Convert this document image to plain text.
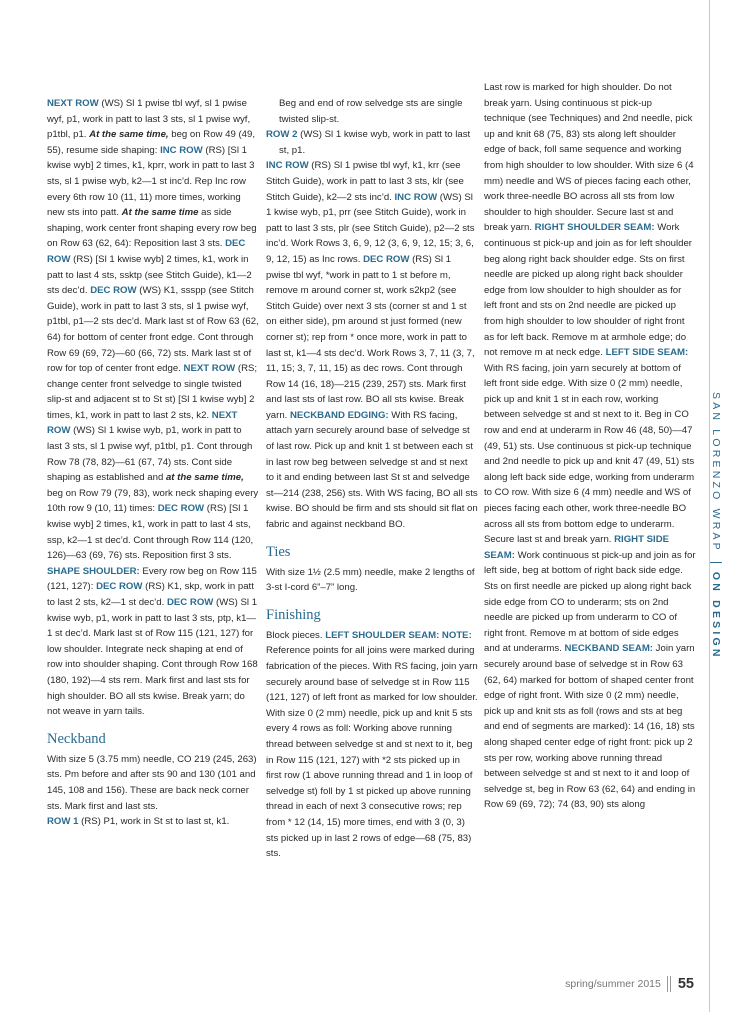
NEXT ROW (WS) Sl 1 pwise tbl wyf, sl 1 pwise wyf, p1, work in patt to last 3 sts, sl 1 pwise wyf, p1tbl, p1. At the same time, beg on Row 49 (49, 55), resume side shaping: INC ROW (RS) [Sl 1 kwise wyb] 2 times, k1, kprr, work in patt to last 3 sts, sl 1 pwise wyb, k2—1 st inc’d. Rep Inc row every 6th row 10 (11, 11) more times, working new sts into patt. At the same time as side shaping, work center front shaping every row beg on Row 63 (62, 64): Reposition last 3 sts. DEC ROW (RS) [Sl 1 kwise wyb] 2 times, k1, work in patt to last 4 sts, ssktp (see Stitch Guide), k1—2 sts dec’d. DEC ROW (WS) K1, ssspp (see Stitch Guide), work in patt to last 3 sts, sl 1 pwise wyf, p1tbl, p1—2 sts dec’d. Mark last st of Row 63 (62, 64) for bottom of center front edge. Cont through Row 69 (69, 72)—60 (66, 72) sts. Mark last st of row for top of center front edge. NEXT ROW (RS; change center front selvedge to single twisted slip-st and adjacent st to St st) [Sl 1 kwise wyb] 2 times, k1, work in patt to last 2 sts, k2. NEXT ROW (WS) Sl 1 kwise wyb, p1, work in patt to last 3 sts, sl 1 pwise wyf, p1tbl, p1. Cont through Row 78 (78, 82)—61 (67, 74) sts. Cont side shaping as established and at the same time, beg on Row 79 (79, 83), work neck shaping every 10th row 9 (10, 11) times: DEC ROW (RS) [Sl 1 kwise wyb] 2 times, k1, work in patt to last 4 sts, ssp, k2—1 st dec’d. Cont through Row 114 (120, 126)—63 (69, 76) sts. Reposition first 3 sts. SHAPE SHOULDER: Every row beg on Row 115 (121, 127): DEC ROW (RS) K1, skp, work in patt to last 2 sts, k2—1 st dec’d. DEC ROW (WS) Sl 1 kwise wyb, p1, work in patt to last 3 sts, ptp, k1—1 st dec’d. Mark last st of Row 115 (121, 127) for low shoulder. Integrate neck shaping at end of row into shoulder shaping. Cont through Row 168 (180, 192)—4 sts rem. Mark first and last sts for high shoulder. BO all sts kwise. Break yarn; do not weave in yarn tails.

Neckband

With size 5 (3.75 mm) needle, CO 219 (245, 263) sts. Pm before and after sts 90 and 130 (101 and 145, 108 and 156). These are back neck corner sts. Mark first and last sts.

ROW 1 (RS) P1, work in St st to last st, k1.

Beg and end of row selvedge sts are single twisted slip-st.

ROW 2 (WS) Sl 1 kwise wyb, work in patt to last st, p1.

INC ROW (RS) Sl 1 pwise tbl wyf, k1, krr (see Stitch Guide), work in patt to last 3 sts, klr (see Stitch Guide), k2—2 sts inc’d. INC ROW (WS) Sl 1 kwise wyb, p1, prr (see Stitch Guide), work in patt to last 3 sts, plr (see Stitch Guide), p2—2 sts inc’d. Work Rows 3, 6, 9, 12 (3, 6, 9, 12, 15; 3, 6, 9, 12, 15) as Inc rows. DEC ROW (RS) Sl 1 pwise tbl wyf, *work in patt to 1 st before m, remove m around corner st, work s2kp2 (see Stitch Guide) over next 3 sts (corner st and 1 st on either side), pm around st just formed (new corner st); rep from * once more, work in patt to last st, k1—4 sts dec’d. Work Rows 3, 7, 11 (3, 7, 11, 15; 3, 7, 11, 15) as dec rows. Cont through Row 14 (16, 18)—215 (239, 257) sts. Mark first and last sts of last row. BO all sts kwise. Break yarn. NECKBAND EDGING: With RS facing, attach yarn securely around base of selvedge st of last row. Pick up and knit 1 st between each st in last row beg between selvedge st and st next to it and ending between last St st and selvedge st—214 (238, 256) sts. With WS facing, BO all sts kwise. BO should be firm and sts should sit flat on fabric and against neckband BO.

Ties

With size 1½ (2.5 mm) needle, make 2 lengths of 3-st I-cord 6”–7” long.

Finishing

Block pieces. LEFT SHOULDER SEAM: NOTE: Reference points for all joins were marked during fabrication of the pieces. With RS facing, join yarn securely around base of selvedge st in Row 115 (121, 127) of left front as marked for low shoulder. With size 0 (2 mm) needle, pick up and knit 5 sts every 4 rows as foll: Working above running thread between selvedge st and st next to it, beg in Row 115 (121, 127) with *2 sts picked up in first row (1 above running thread and 1 in loop of selvedge st) foll by 1 st picked up above running thread in each of next 3 consecutive rows; rep from * 12 (14, 15) more times, end with 3 (0, 3) sts picked up in last 2 rows of edge—68 (75, 83) sts.

Last row is marked for high shoulder. Do not break yarn. Using continuous st pick-up technique (see Techniques) and 2nd needle, pick up and knit 68 (75, 83) sts along left shoulder edge of back, foll same sequence and working from high shoulder to low shoulder. With size 6 (4 mm) needle and WS of pieces facing each other, work three-needle BO across all sts from low shoulder to high shoulder. Secure last st and break yarn. RIGHT SHOULDER SEAM: Work continuous st pick-up and join as for left shoulder beg along right back shoulder edge. Sts on first needle are picked up along right back shoulder edge from low shoulder to high shoulder as for left front and sts on 2nd needle are picked up from high shoulder to low shoulder of right front as for left back. Remove m at armhole edge; do not remove m at neck edge. LEFT SIDE SEAM: With RS facing, join yarn securely at bottom of left front side edge. With size 0 (2 mm) needle, pick up and knit 1 st in each row, working between selvedge st and st next to it. Beg in CO row and end at underarm in Row 46 (48, 50)—47 (49, 51) sts. Use continuous st pick-up technique and 2nd needle to pick up and knit 47 (49, 51) sts along left back side edge, working from underarm to CO row. With size 6 (4 mm) needle and WS of pieces facing each other, work three-needle BO across all sts from bottom edge to underarm. Secure last st and break yarn. RIGHT SIDE SEAM: Work continuous st pick-up and join as for left side, beg at bottom of right back side edge. Sts on first needle are picked up along right back side edge from CO to underarm; sts on 2nd needle are picked up from underarm to CO of right front. Remove m at bottom of side edges and at underarms. NECKBAND SEAM: Join yarn securely around base of selvedge st in Row 63 (62, 64) marked for bottom of shaped center front edge of right front. With size 0 (2 mm) needle, pick up and knit sts as foll (rows and sts at beg and end of segments are marked): 14 (16, 18) sts along shaped center edge of right front: pick up 2 sts per row, working above running thread between selvedge st and st next to it and loop of selvedge st, beg in Row 63 (62, 64) and ending in Row 69 (69, 72); 74 (83, 90) sts along

SAN LORENZO WRAPON DESIGN
spring/summer 2015 55
